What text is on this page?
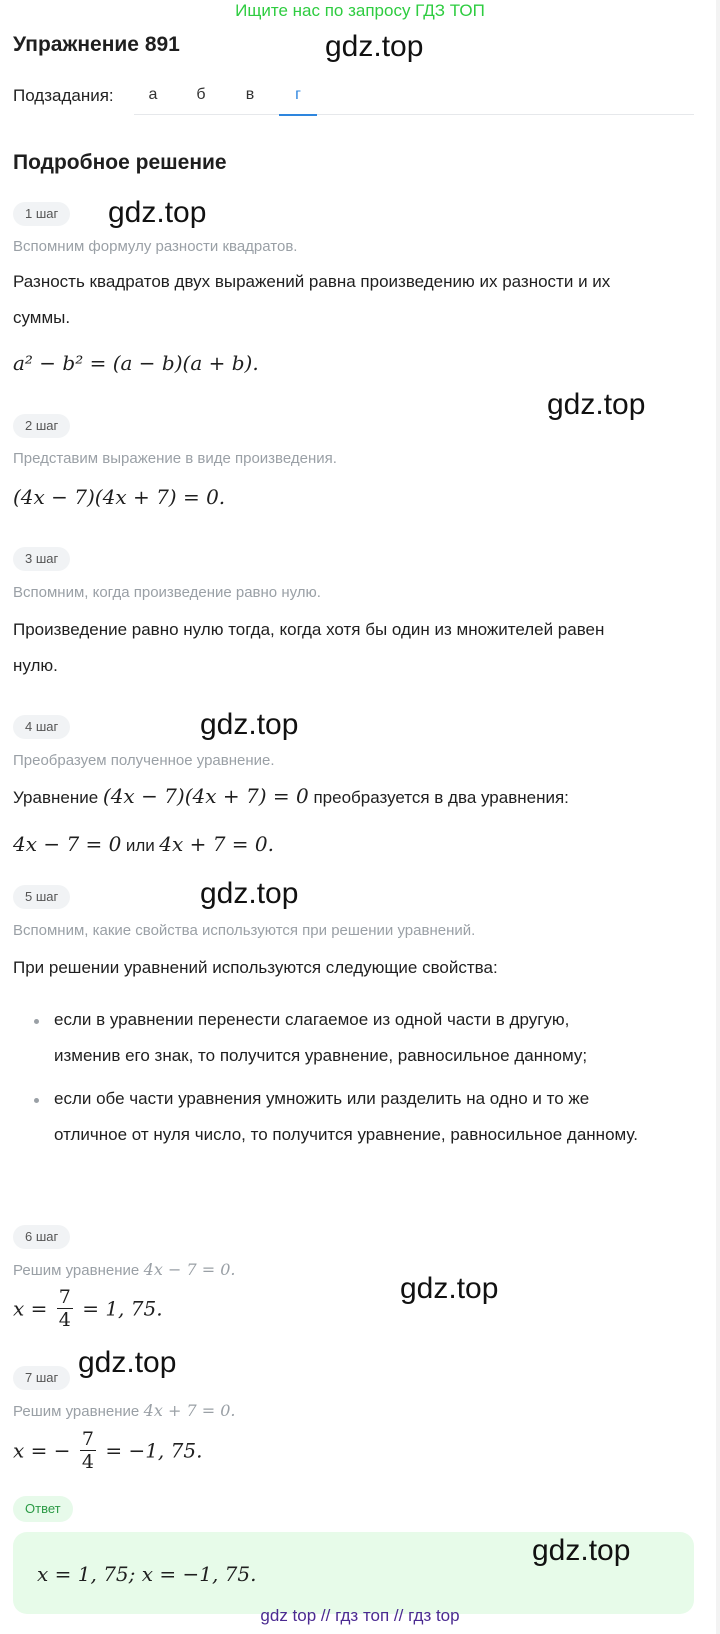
Ищите нас по запросу ГДЗ ТОП
Упражнение 891	gdz.top
Подзадания:	а	б	в	г
Подробное решение
1 шаг	gdz.top
Вспомним формулу разности квадратов.
Разность квадратов двух выражений равна произведению их разности и их
суммы.
a² − b² = (a − b)(a + b).
gdz.top
2 шаг
Представим выражение в виде произведения.
(4x − 7)(4x + 7) = 0.
3 шаг
Вспомним, когда произведение равно нулю.
Произведение равно нулю тогда, когда хотя бы один из множителей равен
нулю.
4 шаг	gdz.top
Преобразуем полученное уравнение.
Уравнение (4x − 7)(4x + 7) = 0 преобразуется в два уравнения:
4x − 7 = 0 или 4x + 7 = 0.
5 шаг	gdz.top
Вспомним, какие свойства используются при решении уравнений.
При решении уравнений используются следующие свойства:
если в уравнении перенести слагаемое из одной части в другую,
изменив его знак, то получится уравнение, равносильное данному;
если обе части уравнения умножить или разделить на одно и то же
отличное от нуля число, то получится уравнение, равносильное данному.
6 шаг
Решим уравнение 4x − 7 = 0.
gdz.top
$x = \frac{7}{4} = 1$, 75.
7 шаг gdz.top
Решим уравнение 4x + 7 = 0.
x = − $\frac{7}{4} = -1$, 75.
Ответ
x = 1, 75; x = −1, 75.
gdz.top
gdz top // гдз топ // гдз top
